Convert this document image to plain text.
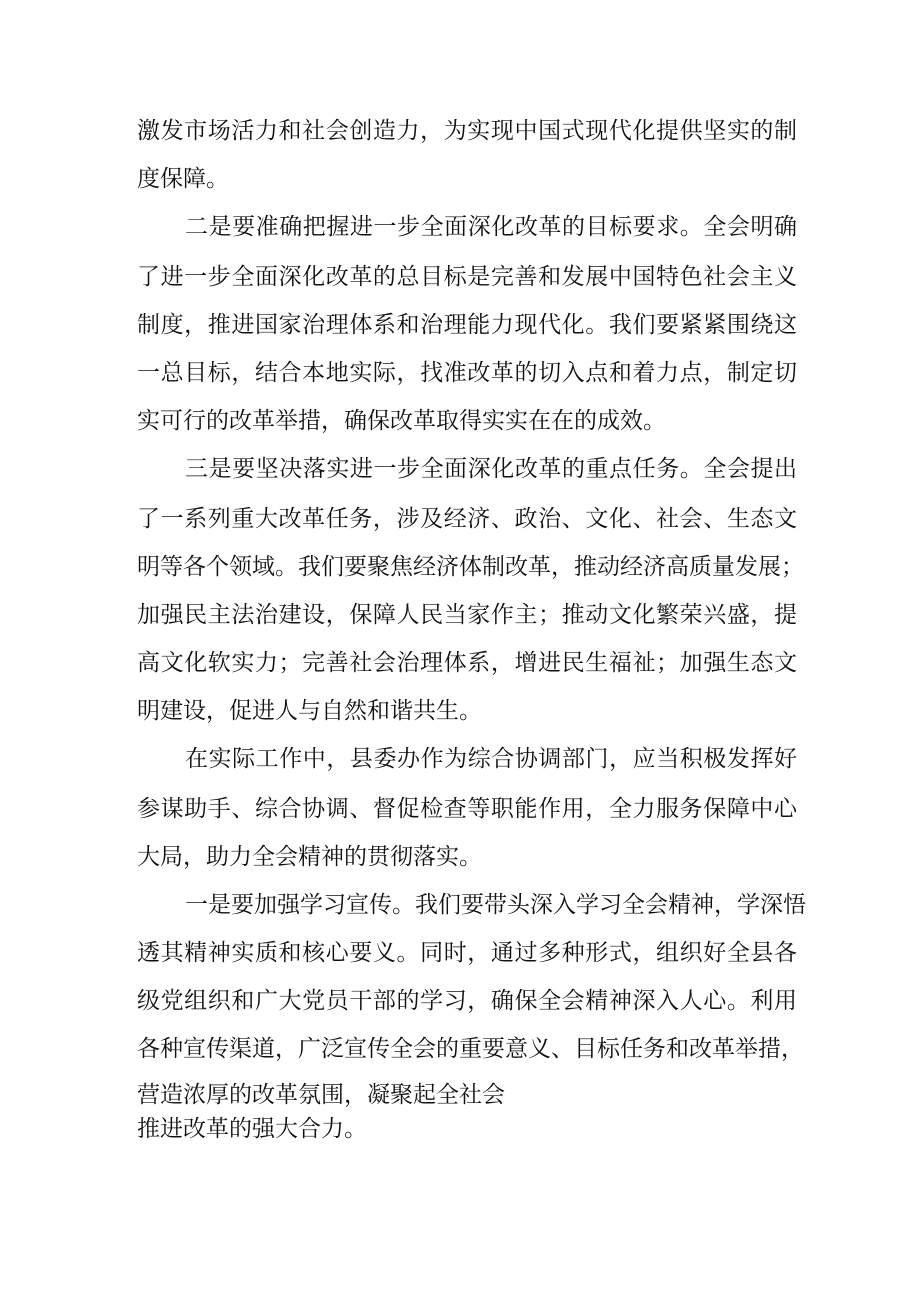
激发市场活力和社会创造力，为实现中国式现代化提供坚实的制
度保障。
二是要准确把握进一步全面深化改革的目标要求。全会明确
了进一步全面深化改革的总目标是完善和发展中国特色社会主义
制度，推进国家治理体系和治理能力现代化。我们要紧紧围绕这
一总目标，结合本地实际，找准改革的切入点和着力点，制定切
实可行的改革举措，确保改革取得实实在在的成效。
三是要坚决落实进一步全面深化改革的重点任务。全会提出
了一系列重大改革任务，涉及经济、政治、文化、社会、生态文
明等各个领域。我们要聚焦经济体制改革，推动经济高质量发展；
加强民主法治建设，保障人民当家作主；推动文化繁荣兴盛，提
高文化软实力；完善社会治理体系，增进民生福祉；加强生态文
明建设，促进人与自然和谐共生。
在实际工作中，县委办作为综合协调部门，应当积极发挥好
参谋助手、综合协调、督促检查等职能作用，全力服务保障中心
大局，助力全会精神的贯彻落实。
一是要加强学习宣传。我们要带头深入学习全会精神，学深悟
透其精神实质和核心要义。同时，通过多种形式，组织好全县各
级党组织和广大党员干部的学习，确保全会精神深入人心。利用
各种宣传渠道，广泛宣传全会的重要意义、目标任务和改革举措，
营造浓厚的改革氛围，凝聚起全社会
推进改革的强大合力。
